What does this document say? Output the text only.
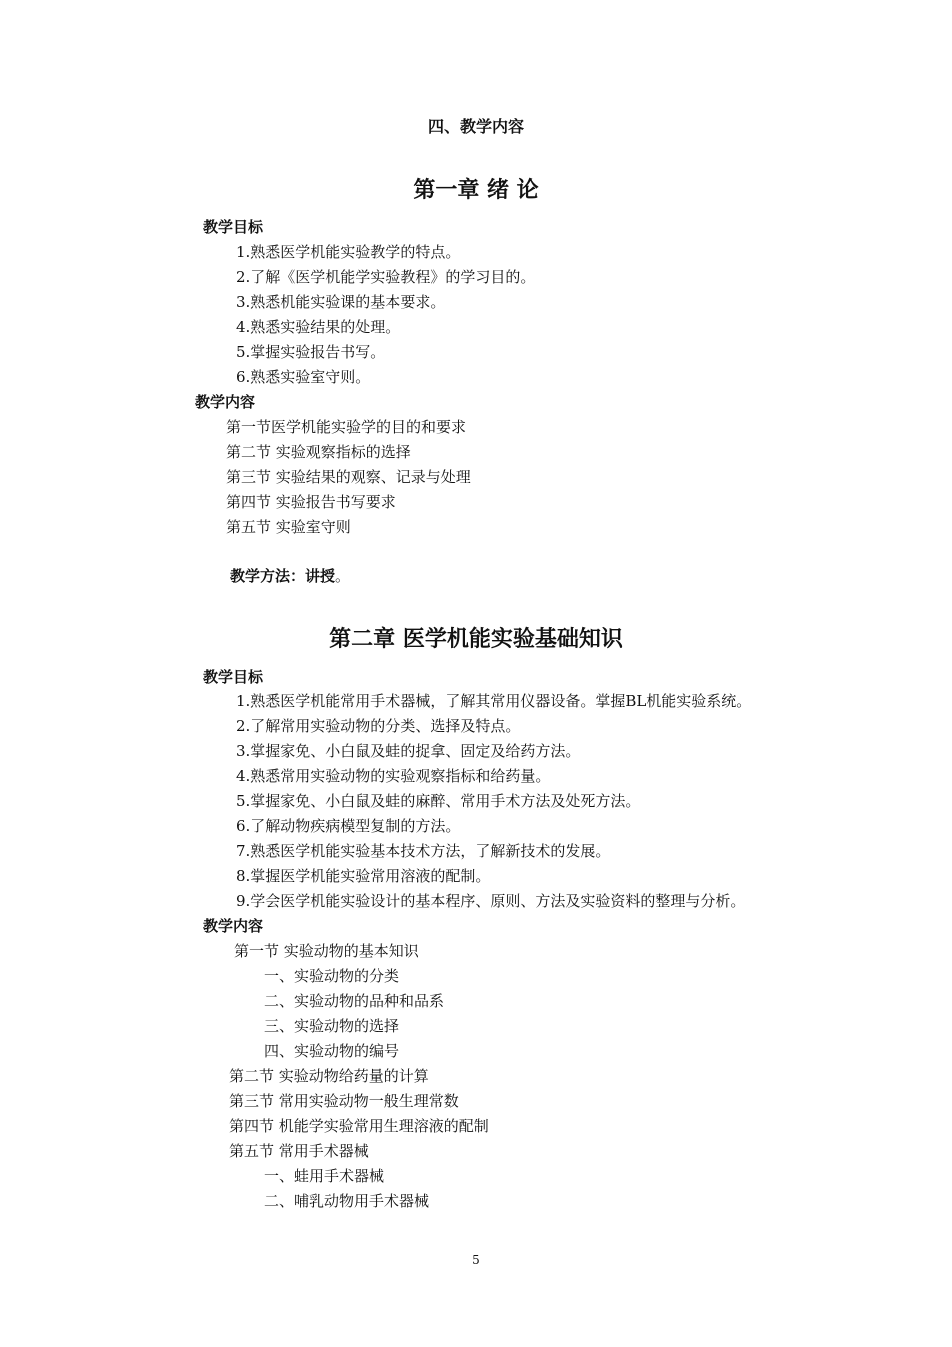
四、教学内容
第一章 绪 论
教学目标
1.熟悉医学机能实验教学的特点。
2.了解《医学机能学实验教程》的学习目的。
3.熟悉机能实验课的基本要求。
4.熟悉实验结果的处理。
5.掌握实验报告书写。
6.熟悉实验室守则。
教学内容
第一节医学机能实验学的目的和要求
第二节 实验观察指标的选择
第三节 实验结果的观察、记录与处理
第四节 实验报告书写要求
第五节 实验室守则
教学方法：讲授。
第二章 医学机能实验基础知识
教学目标
1.熟悉医学机能常用手术器械，了解其常用仪器设备。掌握BL机能实验系统。
2.了解常用实验动物的分类、选择及特点。
3.掌握家免、小白鼠及蛙的捉拿、固定及给药方法。
4.熟悉常用实验动物的实验观察指标和给药量。
5.掌握家免、小白鼠及蛙的麻醉、常用手术方法及处死方法。
6.了解动物疾病模型复制的方法。
7.熟悉医学机能实验基本技术方法，了解新技术的发展。
8.掌握医学机能实验常用溶液的配制。
9.学会医学机能实验设计的基本程序、原则、方法及实验资料的整理与分析。
教学内容
第一节 实验动物的基本知识
一、实验动物的分类
二、实验动物的品种和品系
三、实验动物的选择
四、实验动物的编号
第二节 实验动物给药量的计算
第三节 常用实验动物一般生理常数
第四节 机能学实验常用生理溶液的配制
第五节 常用手术器械
一、蛙用手术器械
二、哺乳动物用手术器械
5
